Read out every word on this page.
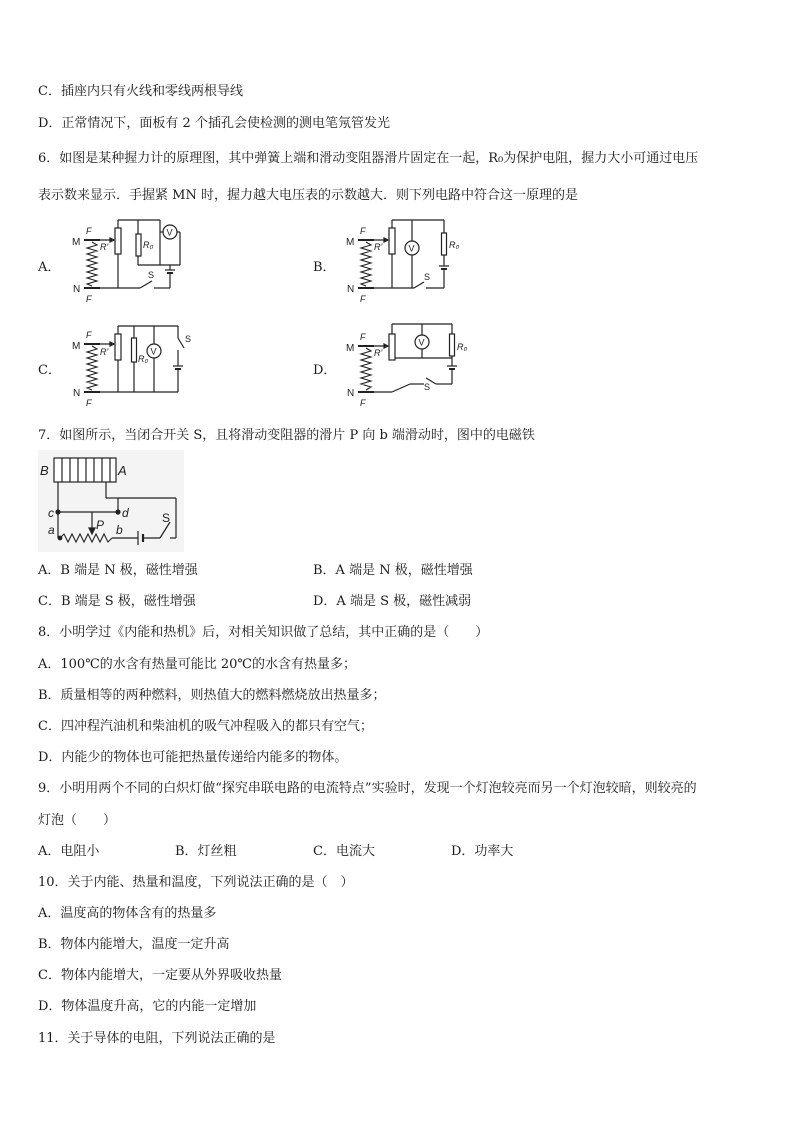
C．插座内只有火线和零线两根导线
D．正常情况下，面板有 2 个插孔会使检测的测电笔氖管发光
6．如图是某种握力计的原理图，其中弹簧上端和滑动变阻器滑片固定在一起，R₀为保护电阻，握力大小可通过电压
表示数来显示．手握紧 MN 时，握力越大电压表的示数越大．则下列电路中符合这一原理的是
A．	B．
C．	D．
M
N
F
F
R'	R₀
V
S
M
N
F
F
R'	R₀
V
S
M
N
F
F
R'
R₀
V
S
M
N
F
F
R'
R₀
V
S
7．如图所示，当闭合开关 S，且将滑动变阻器的滑片 P 向 b 端滑动时，图中的电磁铁
B	A
c	d
a	P b
S
A．B 端是 N 极，磁性增强	B．A 端是 N 极，磁性增强
C．B 端是 S 极，磁性增强	D．A 端是 S 极，磁性减弱
8．小明学过《内能和热机》后，对相关知识做了总结，其中正确的是（　　）
A．100℃的水含有热量可能比 20℃的水含有热量多；
B．质量相等的两种燃料，则热值大的燃料燃烧放出热量多；
C．四冲程汽油机和柴油机的吸气冲程吸入的都只有空气；
D．内能少的物体也可能把热量传递给内能多的物体。
9．小明用两个不同的白炽灯做“探究串联电路的电流特点”实验时，发现一个灯泡较亮而另一个灯泡较暗，则较亮的
灯泡（　　）
A．电阻小	B．灯丝粗	C．电流大	D．功率大
10．关于内能、热量和温度，下列说法正确的是（　）
A．温度高的物体含有的热量多
B．物体内能增大，温度一定升高
C．物体内能增大，一定要从外界吸收热量
D．物体温度升高，它的内能一定增加
11．关于导体的电阻，下列说法正确的是
